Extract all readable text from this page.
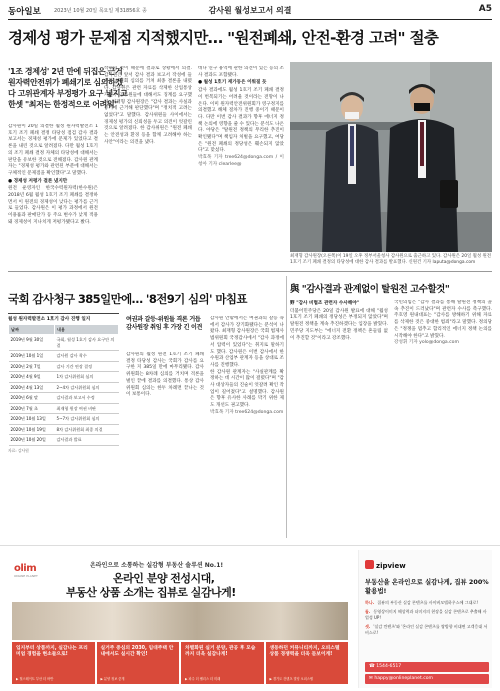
동아일보	2023년 10월 20일 목요일 제31856호 종	감사원 월성보고서 의결	A5
경제성 평가 문제점 지적했지만… "원전폐쇄, 안전-환경 고려" 절충

'1조 경제성' 2년 만에 뒤집은 근거 원자력안전위가 폐쇄기로 심의하겠다 고위관계자 부정평가 요구 넣지고 한셋 "최저는 한정적으로 어려워"

감사원이 20일 의결한 월성 원자력발전소 1호기 조기 폐쇄 결정 타당성 점검 감사 결과 보고서는 경제성 평가에 문제가 있었다고 결론을 내린 것으로 알려졌다. 다만 월성 1호기의 조기 폐쇄 결정 자체의 타당성에 대해서는 판단을 유보한 것으로 전해졌다. 감사원 관계자는 "경제성 평가와 관련된 부분에 대해서는 구체적인 문제점을 확인했다"고 말했다.

● 경제성 저평가 결론 냈지만

원전 운영자인 한국수력원자력(한수원)은 2018년 6월 월성 1호기 조기 폐쇄를 결정하면서 이 원전의 경제성이 낮다는 평가를 근거로 들었다. 감사원은 이 평가 과정에서 원전 이용률과 판매단가 등 주요 변수가 낮게 적용돼 경제성이 지나치게 저평가됐다고 봤다.

착수된 것이 때문에 결과로 상황에서 의결. 감사원은 앞서 감사 결과 보고서 작성에 들어가 위원회 심의를 거쳐 최종 결론을 내렸다. 감사원은 관련 자료를 삭제한 산업통상자원부 공무원들에 대해서도 징계를 요구했다. 최재형 감사원장은 "감사 결과는 사실과 증거에 근거해 판단했다"며 "정치적 고려는 없었다"고 말했다. 감사위원들 사이에서는 경제성 평가의 신뢰성을 두고 의견이 엇갈린 것으로 알려졌다. 한 감사위원은 "원전 폐쇄는 안전성과 환경 등을 함께 고려해야 하는 사안"이라는 의견을 냈다.

데나 연구 용역에 관한 의견이 있는 등의 조사 결과도 포함됐다.

● 월성 1호기 재가동은 이뤄질 듯

감사 결과에도 월성 1호기 조기 폐쇄 결정이 번복되기는 어려울 것이라는 전망이 나온다. 이미 원자력안전위원회가 영구정지를 의결했고 해체 절차가 진행 중이기 때문이다. 다만 이번 감사 결과가 향후 에너지 정책 논의에 영향을 줄 수 있다는 분석도 나온다. 야당은 "탈원전 정책의 무리한 추진이 확인됐다"며 책임자 처벌을 요구했고, 여당은 "원전 폐쇄의 정당성은 훼손되지 않았다"고 맞섰다.

박효목 기자 tree624@donga.com / 이청아 기자 clearlee@

최재형 감사원장(오른쪽)이 19일 오후 정부서울청사 감사원으로 출근하고 있다. 감사원은 20일 월성 원전 1호기 조기 폐쇄 결정의 타당성에 대한 감사 결과를 발표했다. 신원건 기자 laputa@donga.com
국회 감사청구 385일만에… '8전9기 심의' 마침표
월성 원자력발전소 1호기 감사 진행 일지
날짜	내용
2019년 9월 30일	국회, 월성 1호기 감사 요구안 의결
2019년 10월 1일	감사원 감사 착수
2020년 2월 7일	감사 기간 연장 결정
2020년 4월 9일	1차 감사위원회 심의
2020년 4월 13일	2~4차 감사위원회 심의
2020년 6월 말	감사결과 보고서 수정
2020년 7월 초	최재형 원장 여권 비판
2020년 10월 13일	5~7차 감사위원회 심의
2020년 10월 19일	8차 감사위원회 최종 의결
2020년 10월 20일	감사결과 발표
자료: 감사원
여권과 갈등·위원들 격론 거듭 감사원장 취임 후 가장 긴 이견

감사원의 월성 원전 1호기 조기 폐쇄 결정 타당성 감사는 국회가 감사를 요구한 지 385일 만에 마무리됐다. 감사위원회는 8차례 심의를 거치며 격론을 벌인 끝에 결과를 의결했다. 통상 감사위원회 심의는 한두 차례면 끝나는 것이 보통이다.

감사원 안팎에서는 여권과의 갈등 속에서 감사가 장기화됐다는 분석이 나왔다. 최재형 감사원장은 국회 법제사법위원회 국정감사에서 "감사 과정에서 압력이 있었다"는 취지로 말하기도 했다. 감사원은 이번 감사에서 한수원과 산업부 관계자 등을 상대로 조사를 진행했다.

한 감사원 관계자는 "사실관계를 확정하는 데 시간이 많이 걸렸다"며 "감사 대상자들의 진술이 엇갈려 확인 작업이 길어졌다"고 설명했다. 감사원은 향후 유사한 사례를 막기 위한 제도 개선도 권고했다.

박효목 기자 tree624@donga.com

與 "감사결과 관계없이 탈원전 고수할것"
野 "감사 비협조 관련자 수사해야"

더불어민주당은 20일 감사원 발표에 대해 "월성 1호기 조기 폐쇄의 정당성은 부정되지 않았다"며 탈원전 정책을 계속 추진하겠다는 입장을 밝혔다. 민주당 지도부는 "에너지 전환 정책은 흔들림 없이 추진할 것"이라고 강조했다.

국민의힘은 "감사 결과를 통해 탈원전 정책의 졸속 추진이 드러났다"며 관련자 수사를 촉구했다. 주호영 원내대표는 "감사를 방해하기 위해 자료를 삭제한 것은 중대한 범죄"라고 말했다. 정의당은 "정쟁을 멈추고 합리적인 에너지 정책 논의를 시작해야 한다"고 밝혔다.

강성휘 기자 yolo@donga.com

olim
ONLINE PLANET
온라인으로 소통하는 실감형 부동산 솔루션 No.1!
온라인 분양 전성시대,
부동산 상품 소개는 집뷰로 실감나게!
입지부터 상품까지, 실감나는 프리미엄 경험을 현소들으로!
▶ 힐스테이트 부산 더 바반
실거주 중심의 2030, 임대주택 안내에서도 실시간 확인!
▶ 분양 정보 중개
차별화된 실거 분양, 관공 후 모습까지 더욱 실감나게!
▶ 파주 더 팰리스 더 미래
생동하던 커뮤니티까지, 오피스텔 상품 경쟁력을 더욱 돋보이게!
▶ 경기도 컨텐츠 빌딩 오피스텔
zipview
부동산을 온라인으로 실감나게, 집뷰 200% 활용법!
하나. 집뷰의 부동산 실감 콘텐츠를 사이버모델하우스에 그대로!
둘. 동영상이미지 해상력과 더미지의 현장을 실감 콘텐츠로 추출해 사업성 UP!
셋. '실감 컨텐츠'와 '온라인 실감 콘텐츠를 쌍방향 비대면 고객응대 서비스로!
☎ 1544-6517
✉ happy@onlineplanet.com
